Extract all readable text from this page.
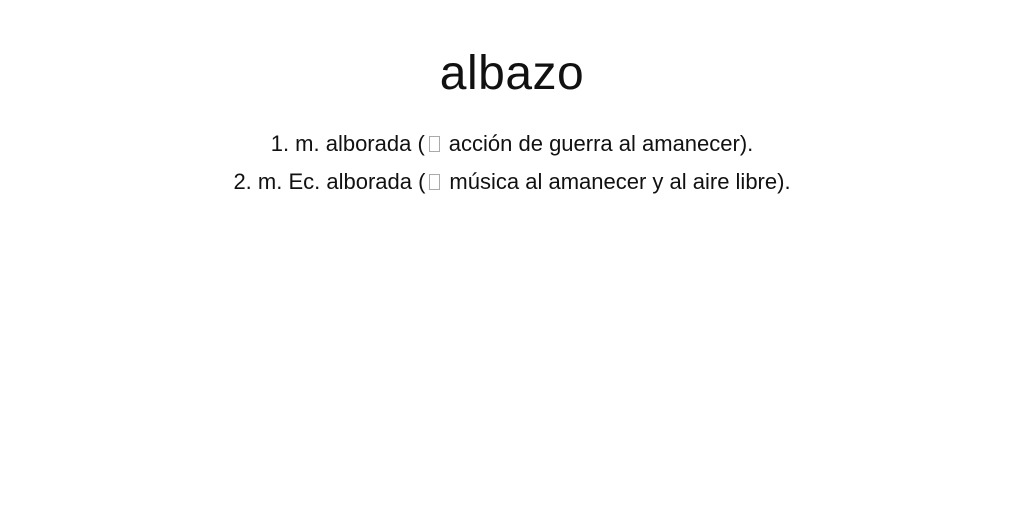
albazo
1. m. alborada ( acción de guerra al amanecer).
2. m. Ec. alborada ( música al amanecer y al aire libre).
